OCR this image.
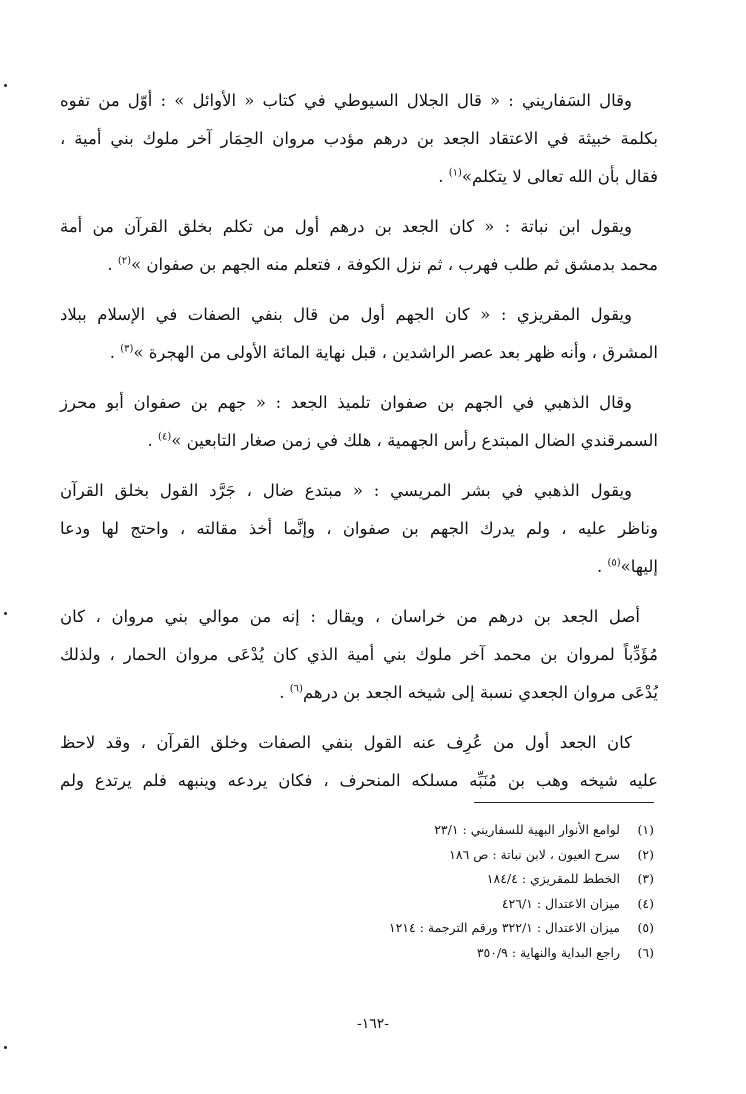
وقال السَفاريني : « قال الجلال السيوطي في كتاب « الأوائل » : أوّل من تفوه
بكلمة خبيثة في الاعتقاد الجعد بن درهم مؤدب مروان الحِمَار آخر ملوك بني أمية ،
فقال بأن الله تعالى لا يتكلم»$^{(١)}$ .

ويقول ابن نباتة : « كان الجعد بن درهم أول من تكلم بخلق القرآن من أمة
محمد بدمشق ثم طلب فهرب ، ثم نزل الكوفة ، فتعلم منه الجهم بن صفوان »$^{(٢)}$ .

ويقول المقريزي : « كان الجهم أول من قال بنفي الصفات في الإسلام ببلاد
المشرق ، وأنه ظهر بعد عصر الراشدين ، قبل نهاية المائة الأولى من الهجرة »$^{(٣)}$ .

وقال الذهبي في الجهم بن صفوان تلميذ الجعد : « جهم بن صفوان أبو محرز
السمرقندي الضال المبتدع رأس الجهمية ، هلك في زمن صغار التابعين »$^{(٤)}$ .

ويقول الذهبي في بشر المريسي : « مبتدع ضال ، جَرَّد القول بخلق القرآن
وناظر عليه ، ولم يدرك الجهم بن صفوان ، وإنَّما أخذ مقالته ، واحتج لها ودعا
إليها»$^{(٥)}$ .

أصل الجعد بن درهم من خراسان ، ويقال : إنه من موالي بني مروان ، كان
مُؤَدِّباً لمروان بن محمد آخر ملوك بني أمية الذي كان يُدْعَى مروان الحمار ، ولذلك
يُدْعَى مروان الجعدي نسبة إلى شيخه الجعد بن درهم$^{(٦)}$ .

كان الجعد أول من عُرِف عنه القول بنفي الصفات وخلق القرآن ، وقد لاحظ
عليه شيخه وهب بن مُنَبِّه مسلكه المنحرف ، فكان يردعه وينبهه فلم يرتدع ولم

(١)لوامع الأنوار البهية للسفاريني : ٢٣/١
(٢)سرح العيون ، لابن نباتة : ص ١٨٦
(٣)الخطط للمقريزي : ١٨٤/٤
(٤)ميزان الاعتدال : ٤٢٦/١
(٥)ميزان الاعتدال : ٣٢٢/١ ورقم الترجمة : ١٢١٤
(٦)راجع البداية والنهاية : ٣٥٠/٩
-١٦٢-
